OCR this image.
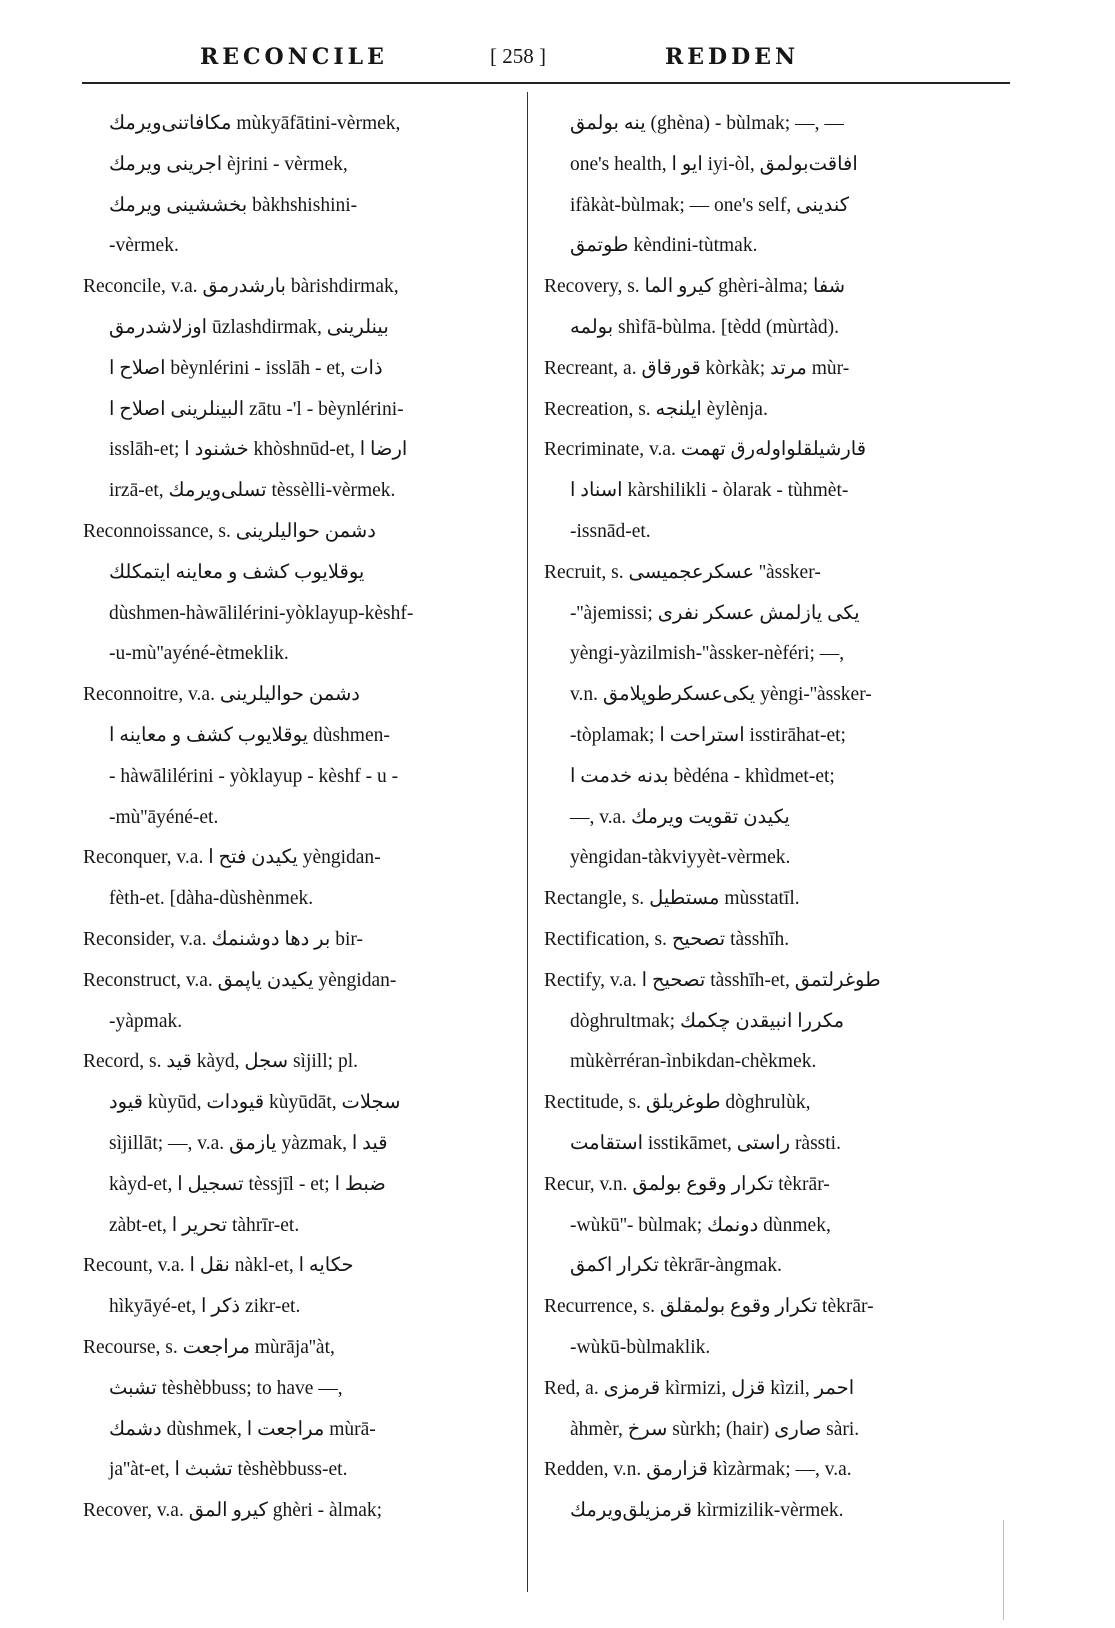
RECONCILE	[ 258 ]	REDDEN
مكافاتنی‌ویرمك mùkyāfātini-vèrmek,
اجرینی ویرمك èjrini - vèrmek,
بخششینی ویرمك bàkhshishini-
-vèrmek.
Reconcile, v.a. بارشدرمق bàrishdirmak,
اوزلاشدرمق ūzlashdirmak, بینلرینی
اصلاح ا bèynlérini - isslāh - et, ذات
البینلرینی اصلاح ا zātu -'l - bèynlérini-
isslāh-et; خشنود ا khòshnūd-et, ارضا ا
irzā-et, تسلی‌ویرمك tèssèlli-vèrmek.
Reconnoissance, s. دشمن حوالیلرینی
یوقلایوب کشف و معاینه ایتمکلك
dùshmen-hàwālilérini-yòklayup-kèshf-
-u-mù''ayéné-ètmeklik.
Reconnoitre, v.a. دشمن حوالیلرینی
یوقلایوب کشف و معاینه ا dùshmen-
- hàwālilérini - yòklayup - kèshf - u -
-mù''āyéné-et.
Reconquer, v.a. یکیدن فتح ا yèngidan-
fèth-et. [dàha-dùshènmek.
Reconsider, v.a. بر دها دوشنمك bir-
Reconstruct, v.a. یکیدن یاپمق yèngidan-
-yàpmak.
Record, s. قید kàyd, سجل sìjill; pl.
قیود kùyūd, قیودات kùyūdāt, سجلات
sìjillāt; —, v.a. یازمق yàzmak, قید ا
kàyd-et, تسجیل ا tèssjīl - et; ضبط ا
zàbt-et, تحریر ا tàhrīr-et.
Recount, v.a. نقل ا nàkl-et, حکایه ا
hìkyāyé-et, ذکر ا zikr-et.
Recourse, s. مراجعت mùrāja''àt,
تشبث tèshèbbuss; to have —,
دشمك dùshmek, مراجعت ا mùrā-
ja''àt-et, تشبث ا tèshèbbuss-et.
Recover, v.a. کیرو المق ghèri - àlmak;
ینه بولمق (ghèna) - bùlmak; —, —
one's health, ایو ا iyi-òl, افاقت‌بولمق
ifàkàt-bùlmak; — one's self, کندینی
طوتمق kèndini-tùtmak.
Recovery, s. کیرو الما ghèri-àlma; شفا
بولمه shìfā-bùlma. [tèdd (mùrtàd).
Recreant, a. قورقاق kòrkàk; مرتد mùr-
Recreation, s. ایلنجه èylènja.
Recriminate, v.a. قارشیلقلواولەرق تهمت
اسناد ا kàrshilikli - òlarak - tùhmèt-
-issnād-et.
Recruit, s. عسکرعجمیسی ''àssker-
-''àjemissi; یکی یازلمش عسکر نفری
yèngi-yàzilmish-''àssker-nèféri; —,
v.n. یکی‌عسکرطوپلامق yèngi-''àssker-
-tòplamak; استراحت ا isstirāhat-et;
بدنه خدمت ا bèdéna - khìdmet-et;
—, v.a. یکیدن تقویت ویرمك
yèngidan-tàkviyyèt-vèrmek.
Rectangle, s. مستطیل mùsstatīl.
Rectification, s. تصحیح tàsshīh.
Rectify, v.a. تصحیح ا tàsshīh-et, طوغرلتمق
dòghrultmak; مکررا انبیقدن چکمك
mùkèrréran-ìnbikdan-chèkmek.
Rectitude, s. طوغریلق dòghrulùk,
استقامت isstikāmet, راستی ràssti.
Recur, v.n. تکرار وقوع بولمق tèkrār-
-wùkū''- bùlmak; دونمك dùnmek,
تکرار اکمق tèkrār-àngmak.
Recurrence, s. تکرار وقوع بولمقلق tèkrār-
-wùkū-bùlmaklik.
Red, a. قرمزی kìrmizi, قزل kìzil, احمر
àhmèr, سرخ sùrkh; (hair) صاری sàri.
Redden, v.n. قزارمق kìzàrmak; —, v.a.
قرمزیلق‌ویرمك kìrmizilik-vèrmek.
